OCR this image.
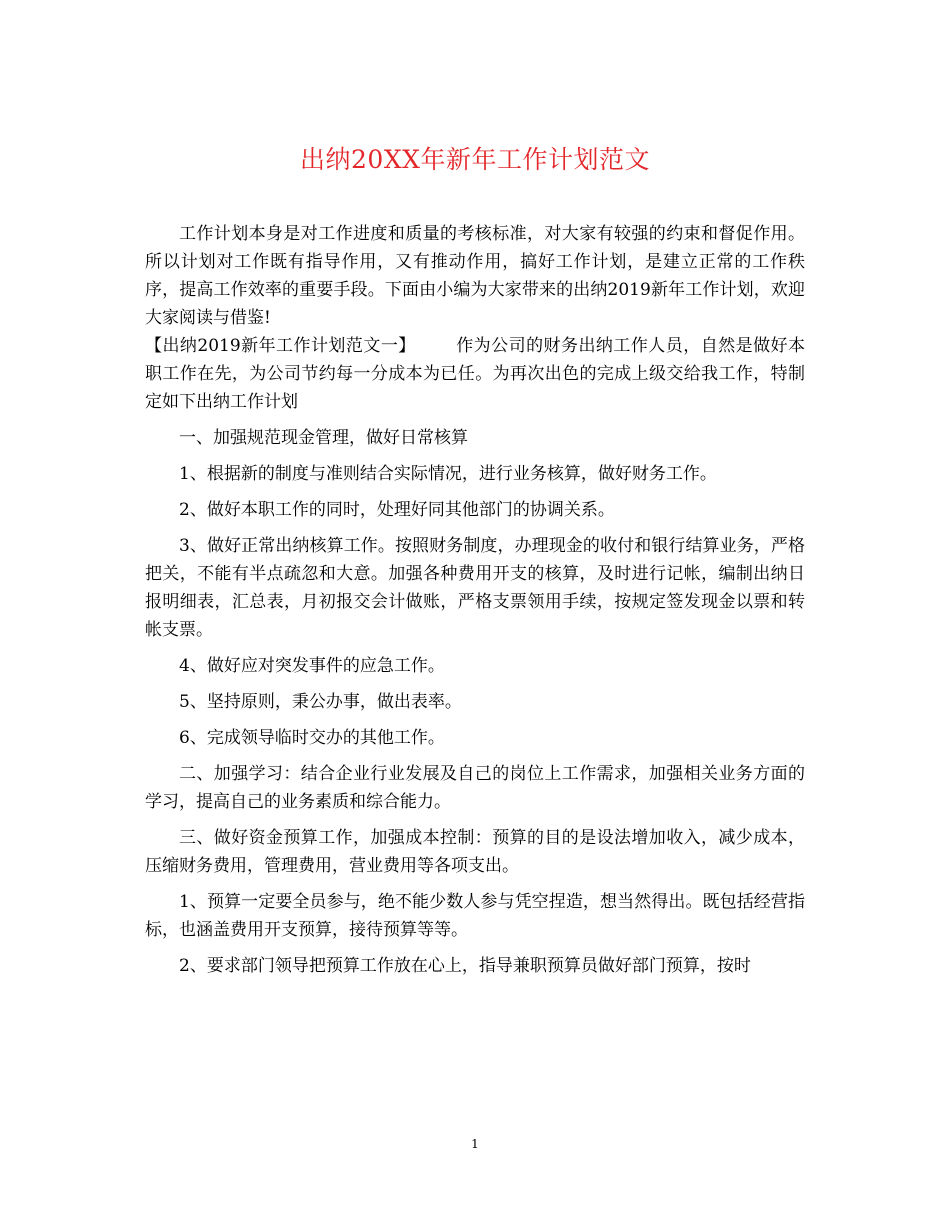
出纳20XX年新年工作计划范文

工作计划本身是对工作进度和质量的考核标准，对大家有较强的约束和督促作用。所以计划对工作既有指导作用，又有推动作用，搞好工作计划，是建立正常的工作秩序，提高工作效率的重要手段。下面由小编为大家带来的出纳2019新年工作计划，欢迎大家阅读与借鉴!

【出纳2019新年工作计划范文一】 作为公司的财务出纳工作人员，自然是做好本职工作在先，为公司节约每一分成本为已任。为再次出色的完成上级交给我工作，特制定如下出纳工作计划

一、加强规范现金管理，做好日常核算

1、根据新的制度与准则结合实际情况，进行业务核算，做好财务工作。

2、做好本职工作的同时，处理好同其他部门的协调关系。

3、做好正常出纳核算工作。按照财务制度，办理现金的收付和银行结算业务，严格把关，不能有半点疏忽和大意。加强各种费用开支的核算，及时进行记帐，编制出纳日报明细表，汇总表，月初报交会计做账，严格支票领用手续，按规定签发现金以票和转帐支票。

4、做好应对突发事件的应急工作。

5、坚持原则，秉公办事，做出表率。

6、完成领导临时交办的其他工作。

二、加强学习：结合企业行业发展及自己的岗位上工作需求，加强相关业务方面的学习，提高自己的业务素质和综合能力。

三、做好资金预算工作，加强成本控制：预算的目的是设法增加收入，减少成本，压缩财务费用，管理费用，营业费用等各项支出。

1、预算一定要全员参与，绝不能少数人参与凭空捏造，想当然得出。既包括经营指标，也涵盖费用开支预算，接待预算等等。

2、要求部门领导把预算工作放在心上，指导兼职预算员做好部门预算，按时

1
